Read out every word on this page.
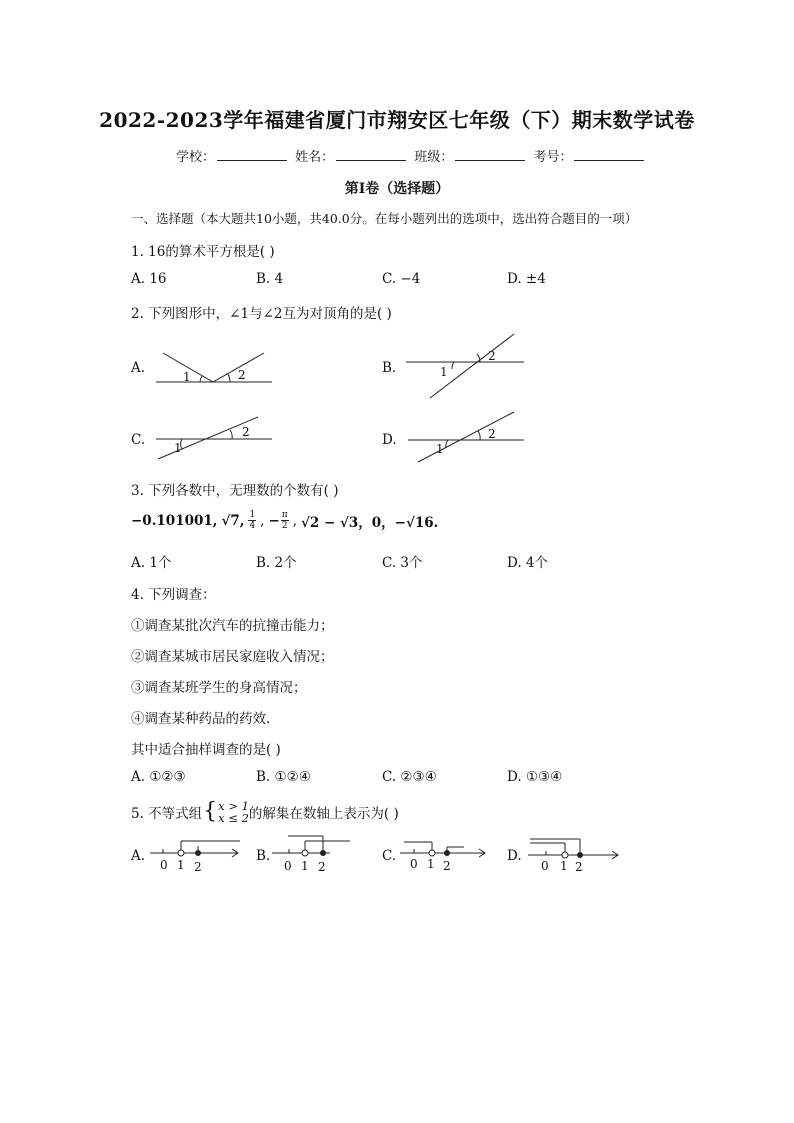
2022-2023学年福建省厦门市翔安区七年级（下）期末数学试卷
学校：	姓名：	班级：	考号：
第I卷（选择题）
一、选择题（本大题共10小题，共40.0分。在每小题列出的选项中，选出符合题目的一项）
1. 16的算术平方根是( )
A. 16	B. 4	C. −4	D. ±4
2. 下列图形中，∠1与∠2互为对顶角的是( )
A.
1	2	B.	1
2
C. 1
2	D.
1
2
3. 下列各数中，无理数的个数有( )
−0.101001, √7, 1
4 , − $\frac{\pi}{2}$ , √2 − √3，0，−√16.
A. 1个	B. 2个	C. 3个	D. 4个
4. 下列调查：
①调查某批次汽车的抗撞击能力；
②调查某城市居民家庭收入情况；
③调查某班学生的身高情况；
④调查某种药品的药效.
其中适合抽样调查的是( )
A. ①②③	B. ①②④	C. ②③④	D. ①③④
5. 不等式组 { x > 1
x ≤ 2 的解集在数轴上表示为( )
A.
0 1 2
B.
0 1 2
C. 0 1 2
D.
0 1 2
